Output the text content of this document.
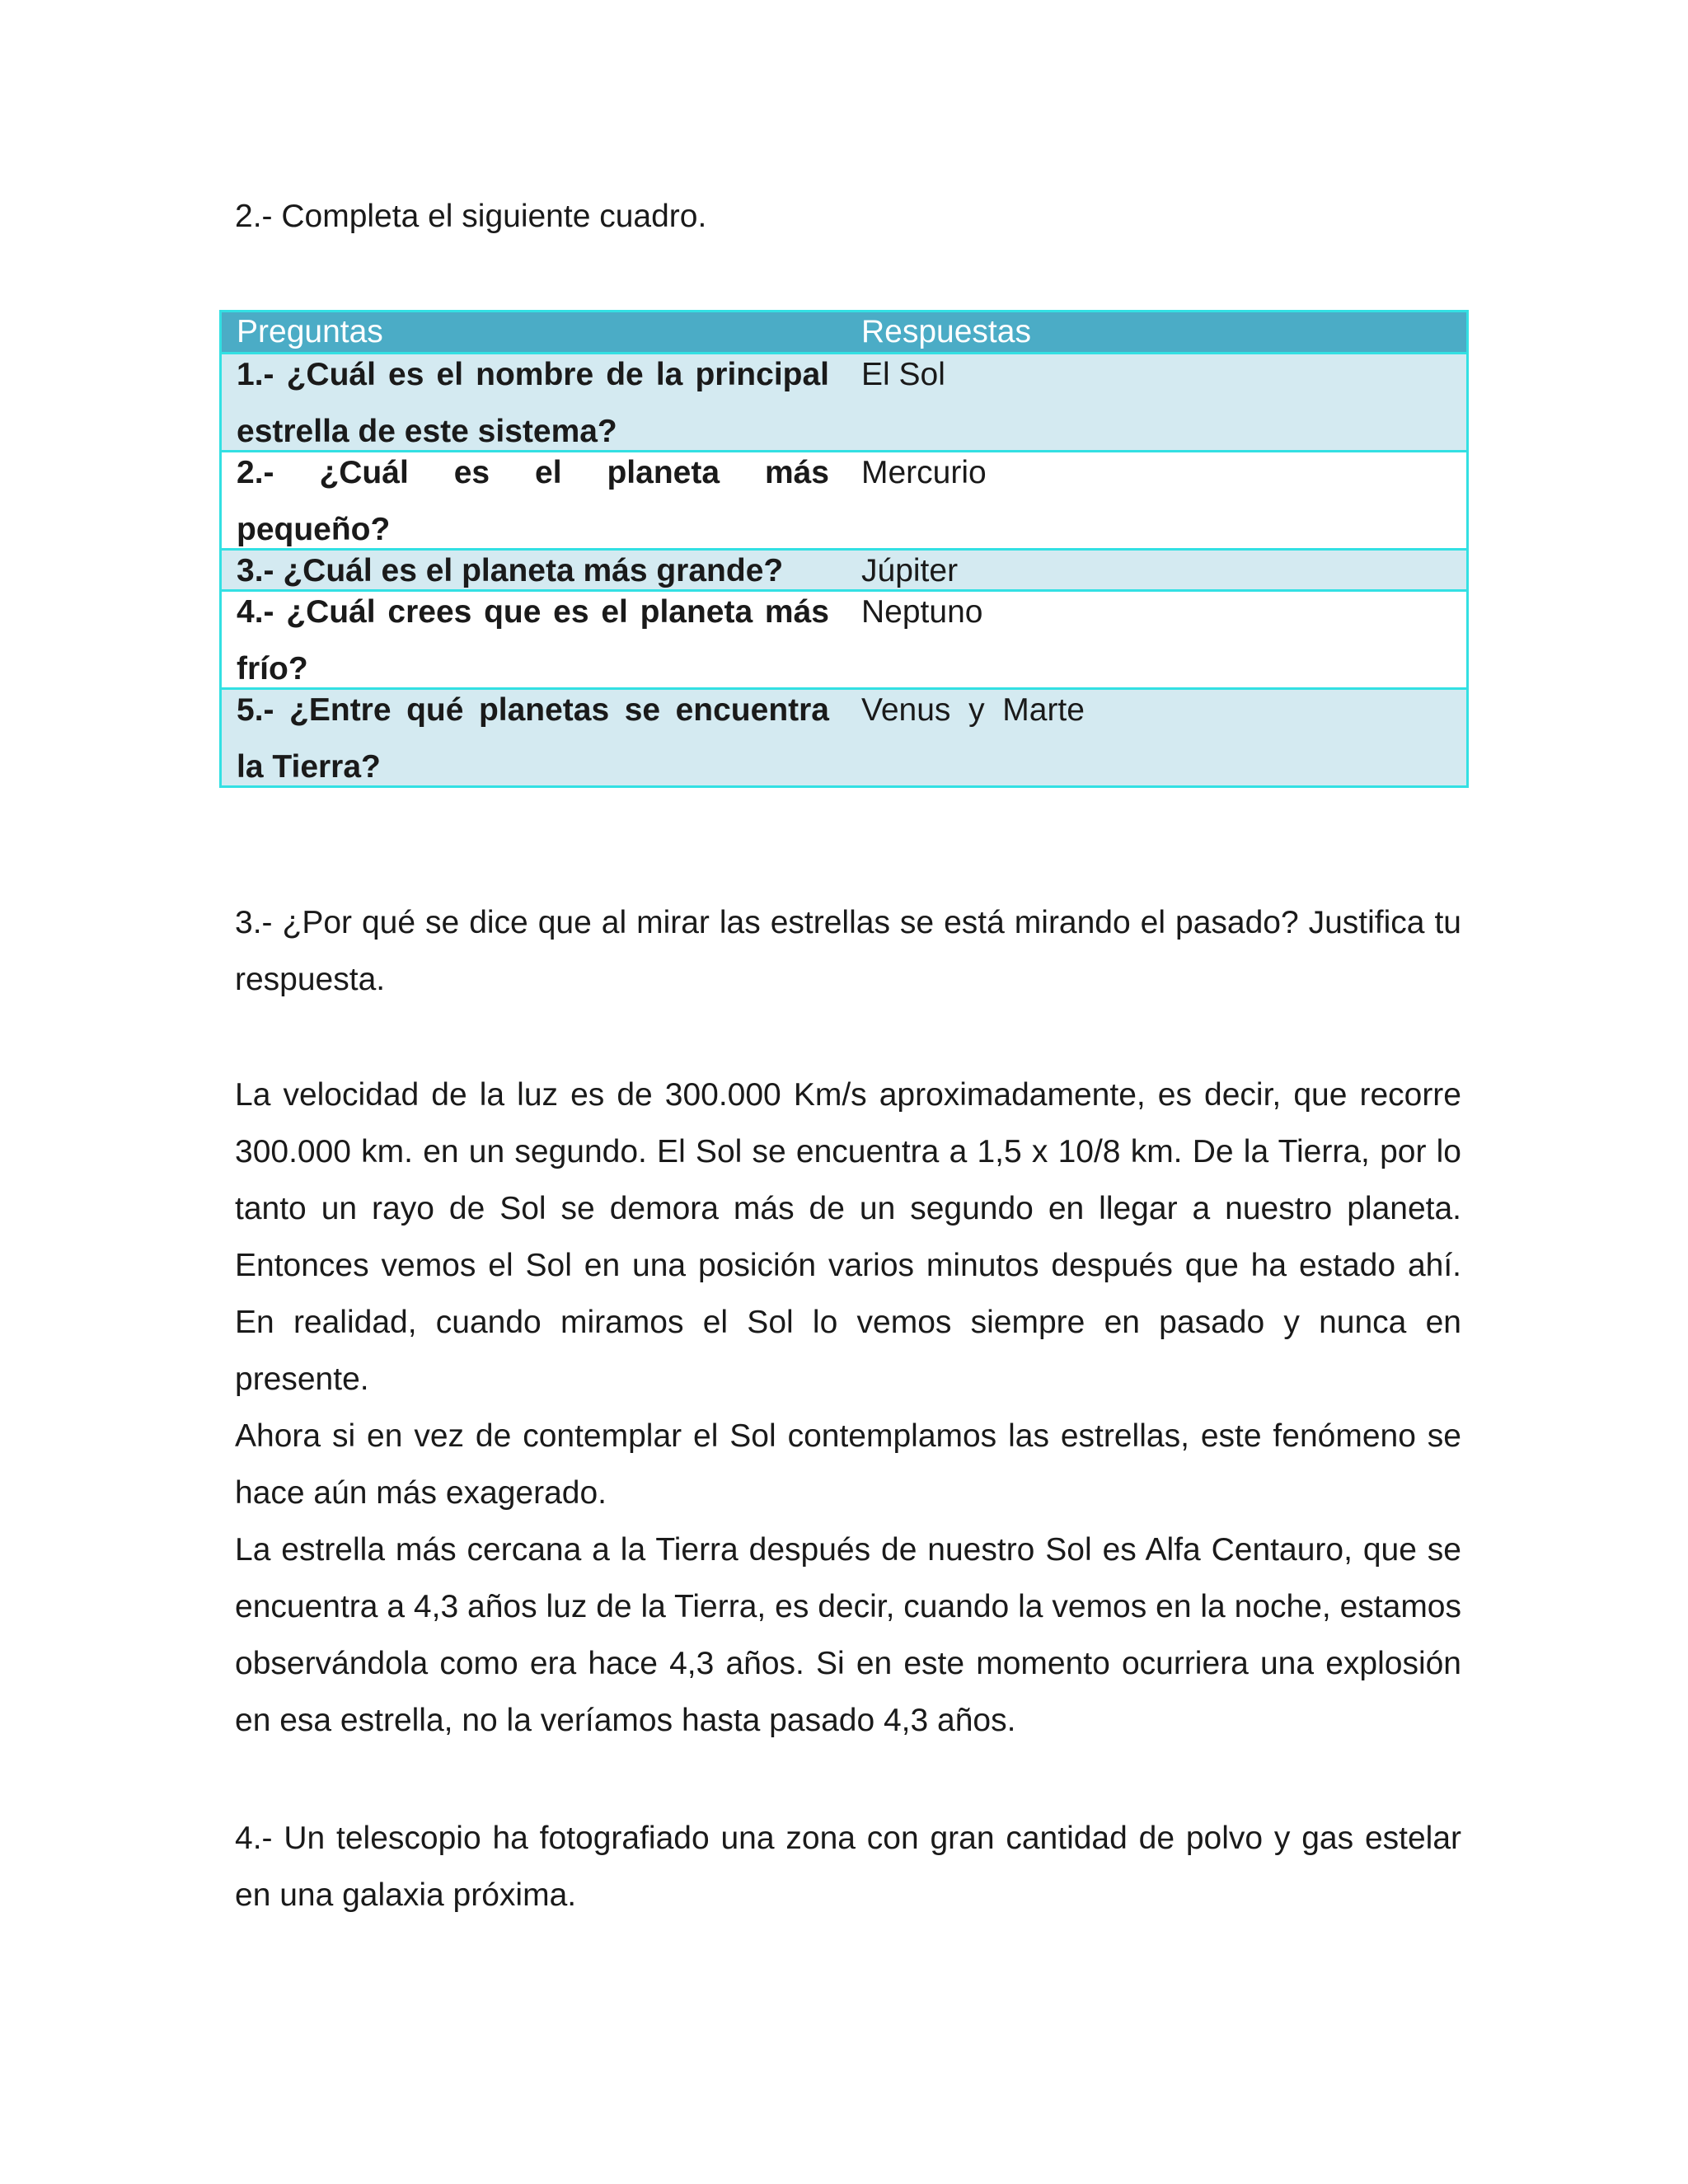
2.- Completa el siguiente cuadro.

Preguntas	Respuestas
1.- ¿Cuál es el nombre de la principal
estrella de este sistema?
El Sol
2.- ¿Cuál es el planeta más
pequeño?
Mercurio
3.- ¿Cuál es el planeta más grande?	Júpiter
4.- ¿Cuál crees que es el planeta más
frío?
Neptuno
5.- ¿Entre qué planetas se encuentra
la Tierra?
Venus  y  Marte

3.- ¿Por qué se dice que al mirar las estrellas se está mirando el pasado? Justifica tu respuesta.

La velocidad de la luz es de 300.000 Km/s aproximadamente, es decir, que recorre 300.000 km. en un segundo. El Sol se encuentra a 1,5 x 10/8 km. De la Tierra, por lo tanto un rayo de Sol se demora más de un segundo en llegar a nuestro planeta. Entonces vemos el Sol en una posición varios minutos después que ha estado ahí. En realidad, cuando miramos el Sol lo vemos siempre en pasado y nunca en presente.

Ahora si en vez de contemplar el Sol contemplamos las estrellas, este fenómeno se hace aún más exagerado.

La estrella más cercana a la Tierra después de nuestro Sol es Alfa Centauro, que se encuentra a 4,3 años luz de la Tierra, es decir, cuando la vemos en la noche, estamos observándola como era hace 4,3 años. Si en este momento ocurriera una explosión en esa estrella, no la veríamos hasta pasado 4,3 años.

4.- Un telescopio ha fotografiado una zona con gran cantidad de polvo y gas estelar en una galaxia próxima.
